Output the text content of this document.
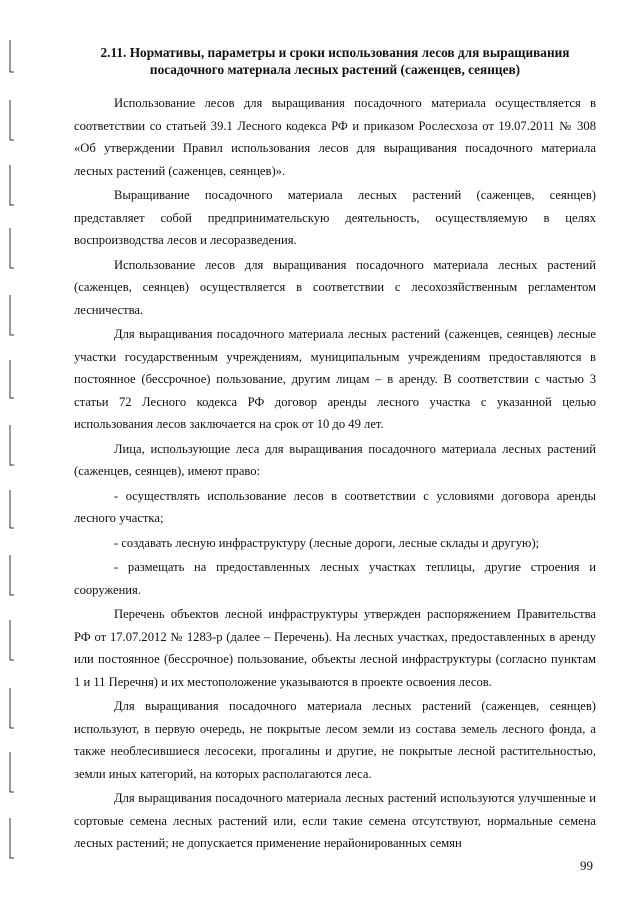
2.11. Нормативы, параметры и сроки использования лесов для выращивания посадочного материала лесных растений (саженцев, сеянцев)

Использование лесов для выращивания посадочного материала осуществляется в соответствии со статьей 39.1 Лесного кодекса РФ и приказом Рослесхоза от 19.07.2011 № 308 «Об утверждении Правил использования лесов для выращивания посадочного материала лесных растений (саженцев, сеянцев)».

Выращивание посадочного материала лесных растений (саженцев, сеянцев) представляет собой предпринимательскую деятельность, осуществляемую в целях воспроизводства лесов и лесоразведения.

Использование лесов для выращивания посадочного материала лесных растений (саженцев, сеянцев) осуществляется в соответствии с лесохозяйственным регламентом лесничества.

Для выращивания посадочного материала лесных растений (саженцев, сеянцев) лесные участки государственным учреждениям, муниципальным учреждениям предоставляются в постоянное (бессрочное) пользование, другим лицам – в аренду. В соответствии с частью 3 статьи 72 Лесного кодекса РФ договор аренды лесного участка с указанной целью использования лесов заключается на срок от 10 до 49 лет.

Лица, использующие леса для выращивания посадочного материала лесных растений (саженцев, сеянцев), имеют право:

- осуществлять использование лесов в соответствии с условиями договора аренды лесного участка;

- создавать лесную инфраструктуру (лесные дороги, лесные склады и другую);

- размещать на предоставленных лесных участках теплицы, другие строения и сооружения.

Перечень объектов лесной инфраструктуры утвержден распоряжением Правительства РФ от 17.07.2012 № 1283-р (далее – Перечень). На лесных участках, предоставленных в аренду или постоянное (бессрочное) пользование, объекты лесной инфраструктуры (согласно пунктам 1 и 11 Перечня) и их местоположение указываются в проекте освоения лесов.

Для выращивания посадочного материала лесных растений (саженцев, сеянцев) используют, в первую очередь, не покрытые лесом земли из состава земель лесного фонда, а также необлесившиеся лесосеки, прогалины и другие, не покрытые лесной растительностью, земли иных категорий, на которых располагаются леса.

Для выращивания посадочного материала лесных растений используются улучшенные и сортовые семена лесных растений или, если такие семена отсутствуют, нормальные семена лесных растений; не допускается применение нерайонированных семян

99
